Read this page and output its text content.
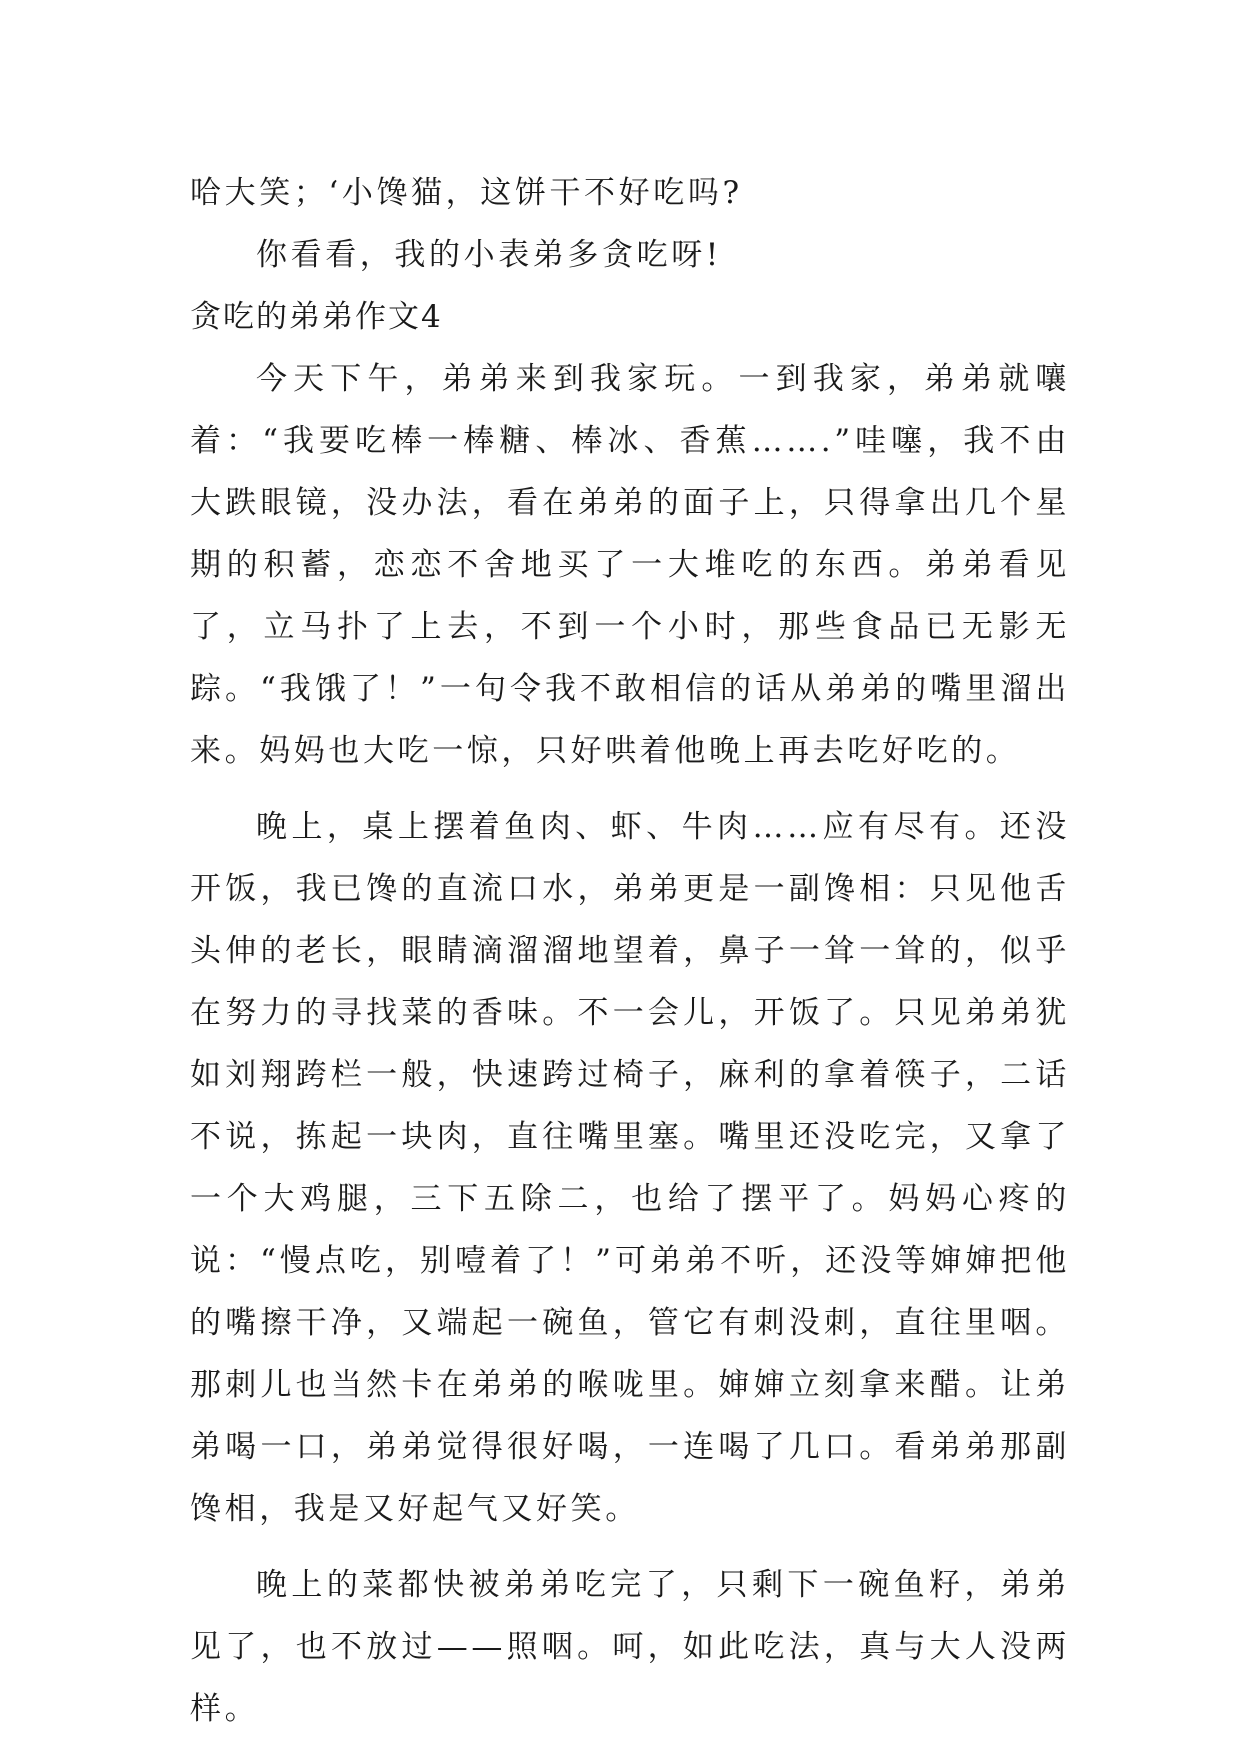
哈大笑；‘小馋猫，这饼干不好吃吗?

你看看，我的小表弟多贪吃呀!

贪吃的弟弟作文4

今天下午，弟弟来到我家玩。一到我家，弟弟就嚷着：“我要吃棒一棒糖、棒冰、香蕉…….”哇噻，我不由大跌眼镜，没办法，看在弟弟的面子上，只得拿出几个星期的积蓄，恋恋不舍地买了一大堆吃的东西。弟弟看见了，立马扑了上去，不到一个小时，那些食品已无影无踪。“我饿了！”一句令我不敢相信的话从弟弟的嘴里溜出来。妈妈也大吃一惊，只好哄着他晚上再去吃好吃的。

晚上，桌上摆着鱼肉、虾、牛肉……应有尽有。还没开饭，我已馋的直流口水，弟弟更是一副馋相：只见他舌头伸的老长，眼睛滴溜溜地望着，鼻子一耸一耸的，似乎在努力的寻找菜的香味。不一会儿，开饭了。只见弟弟犹如刘翔跨栏一般，快速跨过椅子，麻利的拿着筷子，二话不说，拣起一块肉，直往嘴里塞。嘴里还没吃完，又拿了一个大鸡腿，三下五除二，也给了摆平了。妈妈心疼的说：“慢点吃，别噎着了！”可弟弟不听，还没等婶婶把他的嘴擦干净，又端起一碗鱼，管它有刺没刺，直往里咽。那刺儿也当然卡在弟弟的喉咙里。婶婶立刻拿来醋。让弟弟喝一口，弟弟觉得很好喝，一连喝了几口。看弟弟那副馋相，我是又好起气又好笑。

晚上的菜都快被弟弟吃完了，只剩下一碗鱼籽，弟弟见了，也不放过——照咽。呵，如此吃法，真与大人没两样。
